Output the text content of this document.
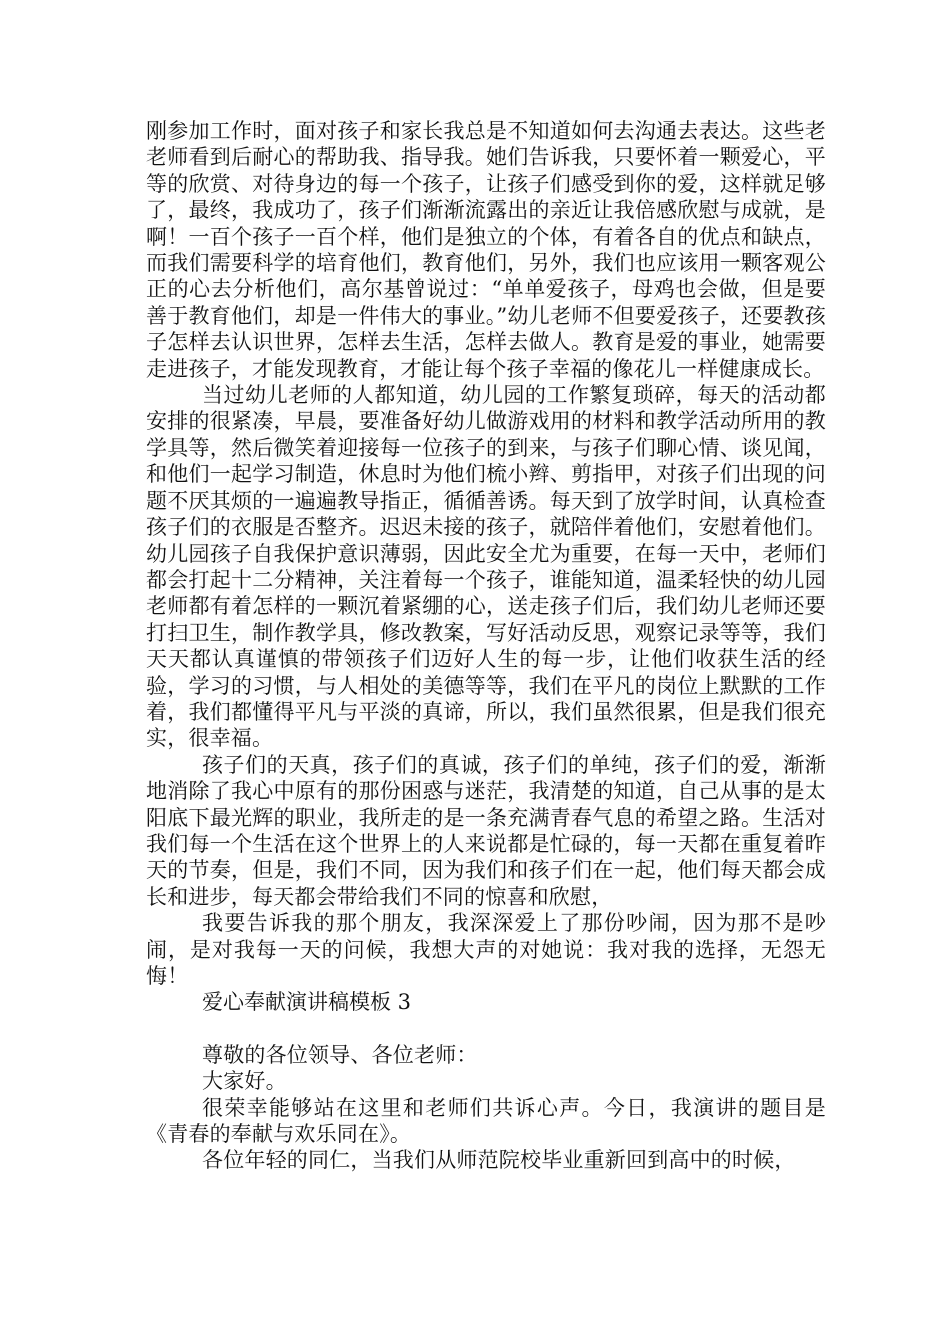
刚参加工作时，面对孩子和家长我总是不知道如何去沟通去表达。这些老老师看到后耐心的帮助我、指导我。她们告诉我，只要怀着一颗爱心，平等的欣赏、对待身边的每一个孩子，让孩子们感受到你的爱，这样就足够了，最终，我成功了，孩子们渐渐流露出的亲近让我倍感欣慰与成就，是啊！一百个孩子一百个样，他们是独立的个体，有着各自的优点和缺点，而我们需要科学的培育他们，教育他们，另外，我们也应该用一颗客观公正的心去分析他们，高尔基曾说过：“单单爱孩子，母鸡也会做，但是要善于教育他们，却是一件伟大的事业。”幼儿老师不但要爱孩子，还要教孩子怎样去认识世界，怎样去生活，怎样去做人。教育是爱的事业，她需要走进孩子，才能发现教育，才能让每个孩子幸福的像花儿一样健康成长。

当过幼儿老师的人都知道，幼儿园的工作繁复琐碎，每天的活动都安排的很紧凑，早晨，要准备好幼儿做游戏用的材料和教学活动所用的教学具等，然后微笑着迎接每一位孩子的到来，与孩子们聊心情、谈见闻，和他们一起学习制造，休息时为他们梳小辫、剪指甲，对孩子们出现的问题不厌其烦的一遍遍教导指正，循循善诱。每天到了放学时间，认真检查孩子们的衣服是否整齐。迟迟未接的孩子，就陪伴着他们，安慰着他们。幼儿园孩子自我保护意识薄弱，因此安全尤为重要，在每一天中，老师们都会打起十二分精神，关注着每一个孩子，谁能知道，温柔轻快的幼儿园老师都有着怎样的一颗沉着紧绷的心，送走孩子们后，我们幼儿老师还要打扫卫生，制作教学具，修改教案，写好活动反思，观察记录等等，我们天天都认真谨慎的带领孩子们迈好人生的每一步，让他们收获生活的经验，学习的习惯，与人相处的美德等等，我们在平凡的岗位上默默的工作着，我们都懂得平凡与平淡的真谛，所以，我们虽然很累，但是我们很充实，很幸福。

孩子们的天真，孩子们的真诚，孩子们的单纯，孩子们的爱，渐渐地消除了我心中原有的那份困惑与迷茫，我清楚的知道，自己从事的是太阳底下最光辉的职业，我所走的是一条充满青春气息的希望之路。生活对我们每一个生活在这个世界上的人来说都是忙碌的，每一天都在重复着昨天的节奏，但是，我们不同，因为我们和孩子们在一起，他们每天都会成长和进步，每天都会带给我们不同的惊喜和欣慰，

我要告诉我的那个朋友，我深深爱上了那份吵闹，因为那不是吵闹，是对我每一天的问候，我想大声的对她说：我对我的选择，无怨无悔！

爱心奉献演讲稿模板 3

尊敬的各位领导、各位老师：

大家好。

很荣幸能够站在这里和老师们共诉心声。今日，我演讲的题目是《青春的奉献与欢乐同在》。

各位年轻的同仁，当我们从师范院校毕业重新回到高中的时候，
